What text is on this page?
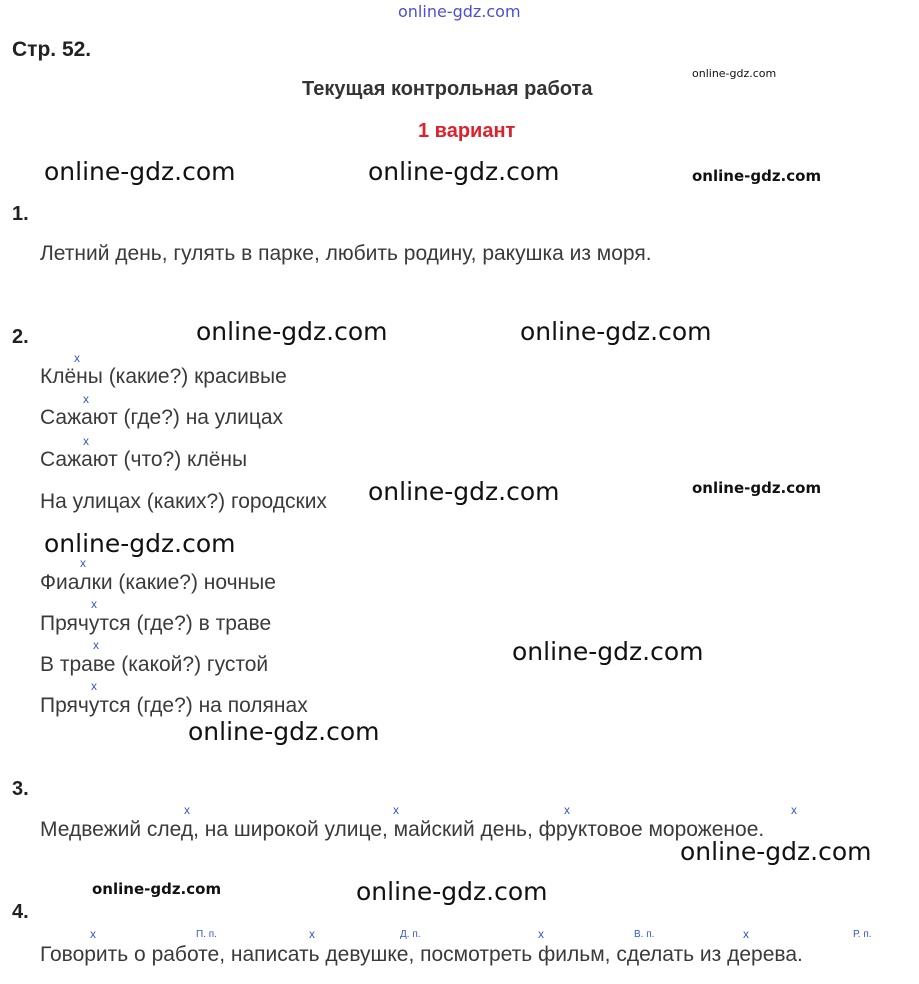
online-gdz.com
Стр. 52.
Текущая контрольная работа
online-gdz.com
1 вариант
online-gdz.com	online-gdz.com	online-gdz.com
1.
Летний день, гулять в парке, любить родину, ракушка из моря.
2.	online-gdz.com	online-gdz.com
x
Клёны (какие?) красивые
x
Сажают (где?) на улицах
x
Сажают (что?) клёны
На улицах (каких?) городских online-gdz.com	online-gdz.com
online-gdz.com
x
Фиалки (какие?) ночные
x
Прячутся (где?) в траве
x
В траве (какой?) густой	online-gdz.com
x
Прячутся (где?) на полянах
online-gdz.com
3.
x	x	x	x
Медвежий след, на широкой улице, майский день, фруктовое мороженое.
online-gdz.com
online-gdz.com	online-gdz.com
4.
x	П. п.	x	Д. п.	x	В. п.	x	Р. п.
Говорить о работе, написать девушке, посмотреть фильм, сделать из дерева.
